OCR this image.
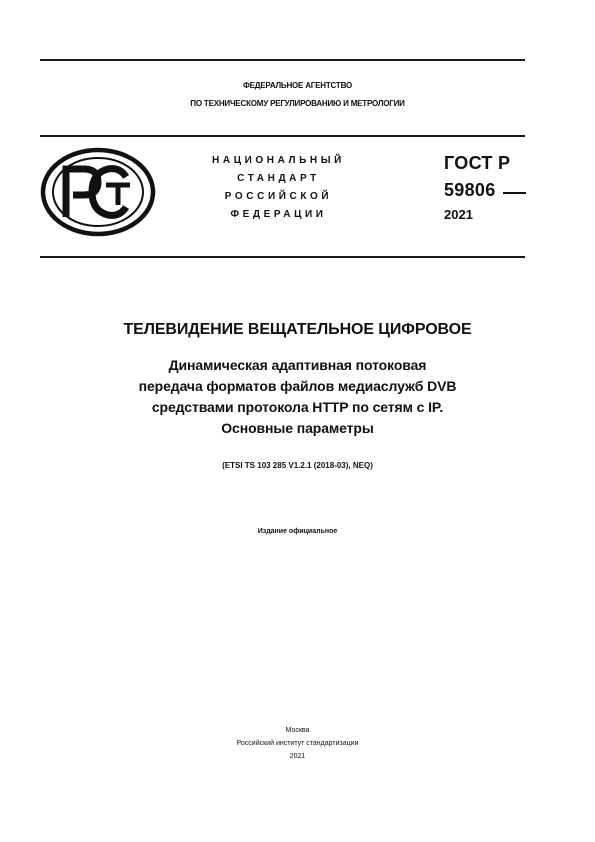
ФЕДЕРАЛЬНОЕ АГЕНТСТВО
ПО ТЕХНИЧЕСКОМУ РЕГУЛИРОВАНИЮ И МЕТРОЛОГИИ
НАЦИОНАЛЬНЫЙ
СТАНДАРТ
РОССИЙСКОЙ
ФЕДЕРАЦИИ
ГОСТ Р
59806
2021
ТЕЛЕВИДЕНИЕ ВЕЩАТЕЛЬНОЕ ЦИФРОВОЕ
Динамическая адаптивная потоковая
передача форматов файлов медиаслужб DVB
средствами протокола HTTP по сетям с IP.
Основные параметры
(ETSI TS 103 285 V1.2.1 (2018-03), NEQ)
Издание официальное
Москва
Российский институт стандартизации
2021
